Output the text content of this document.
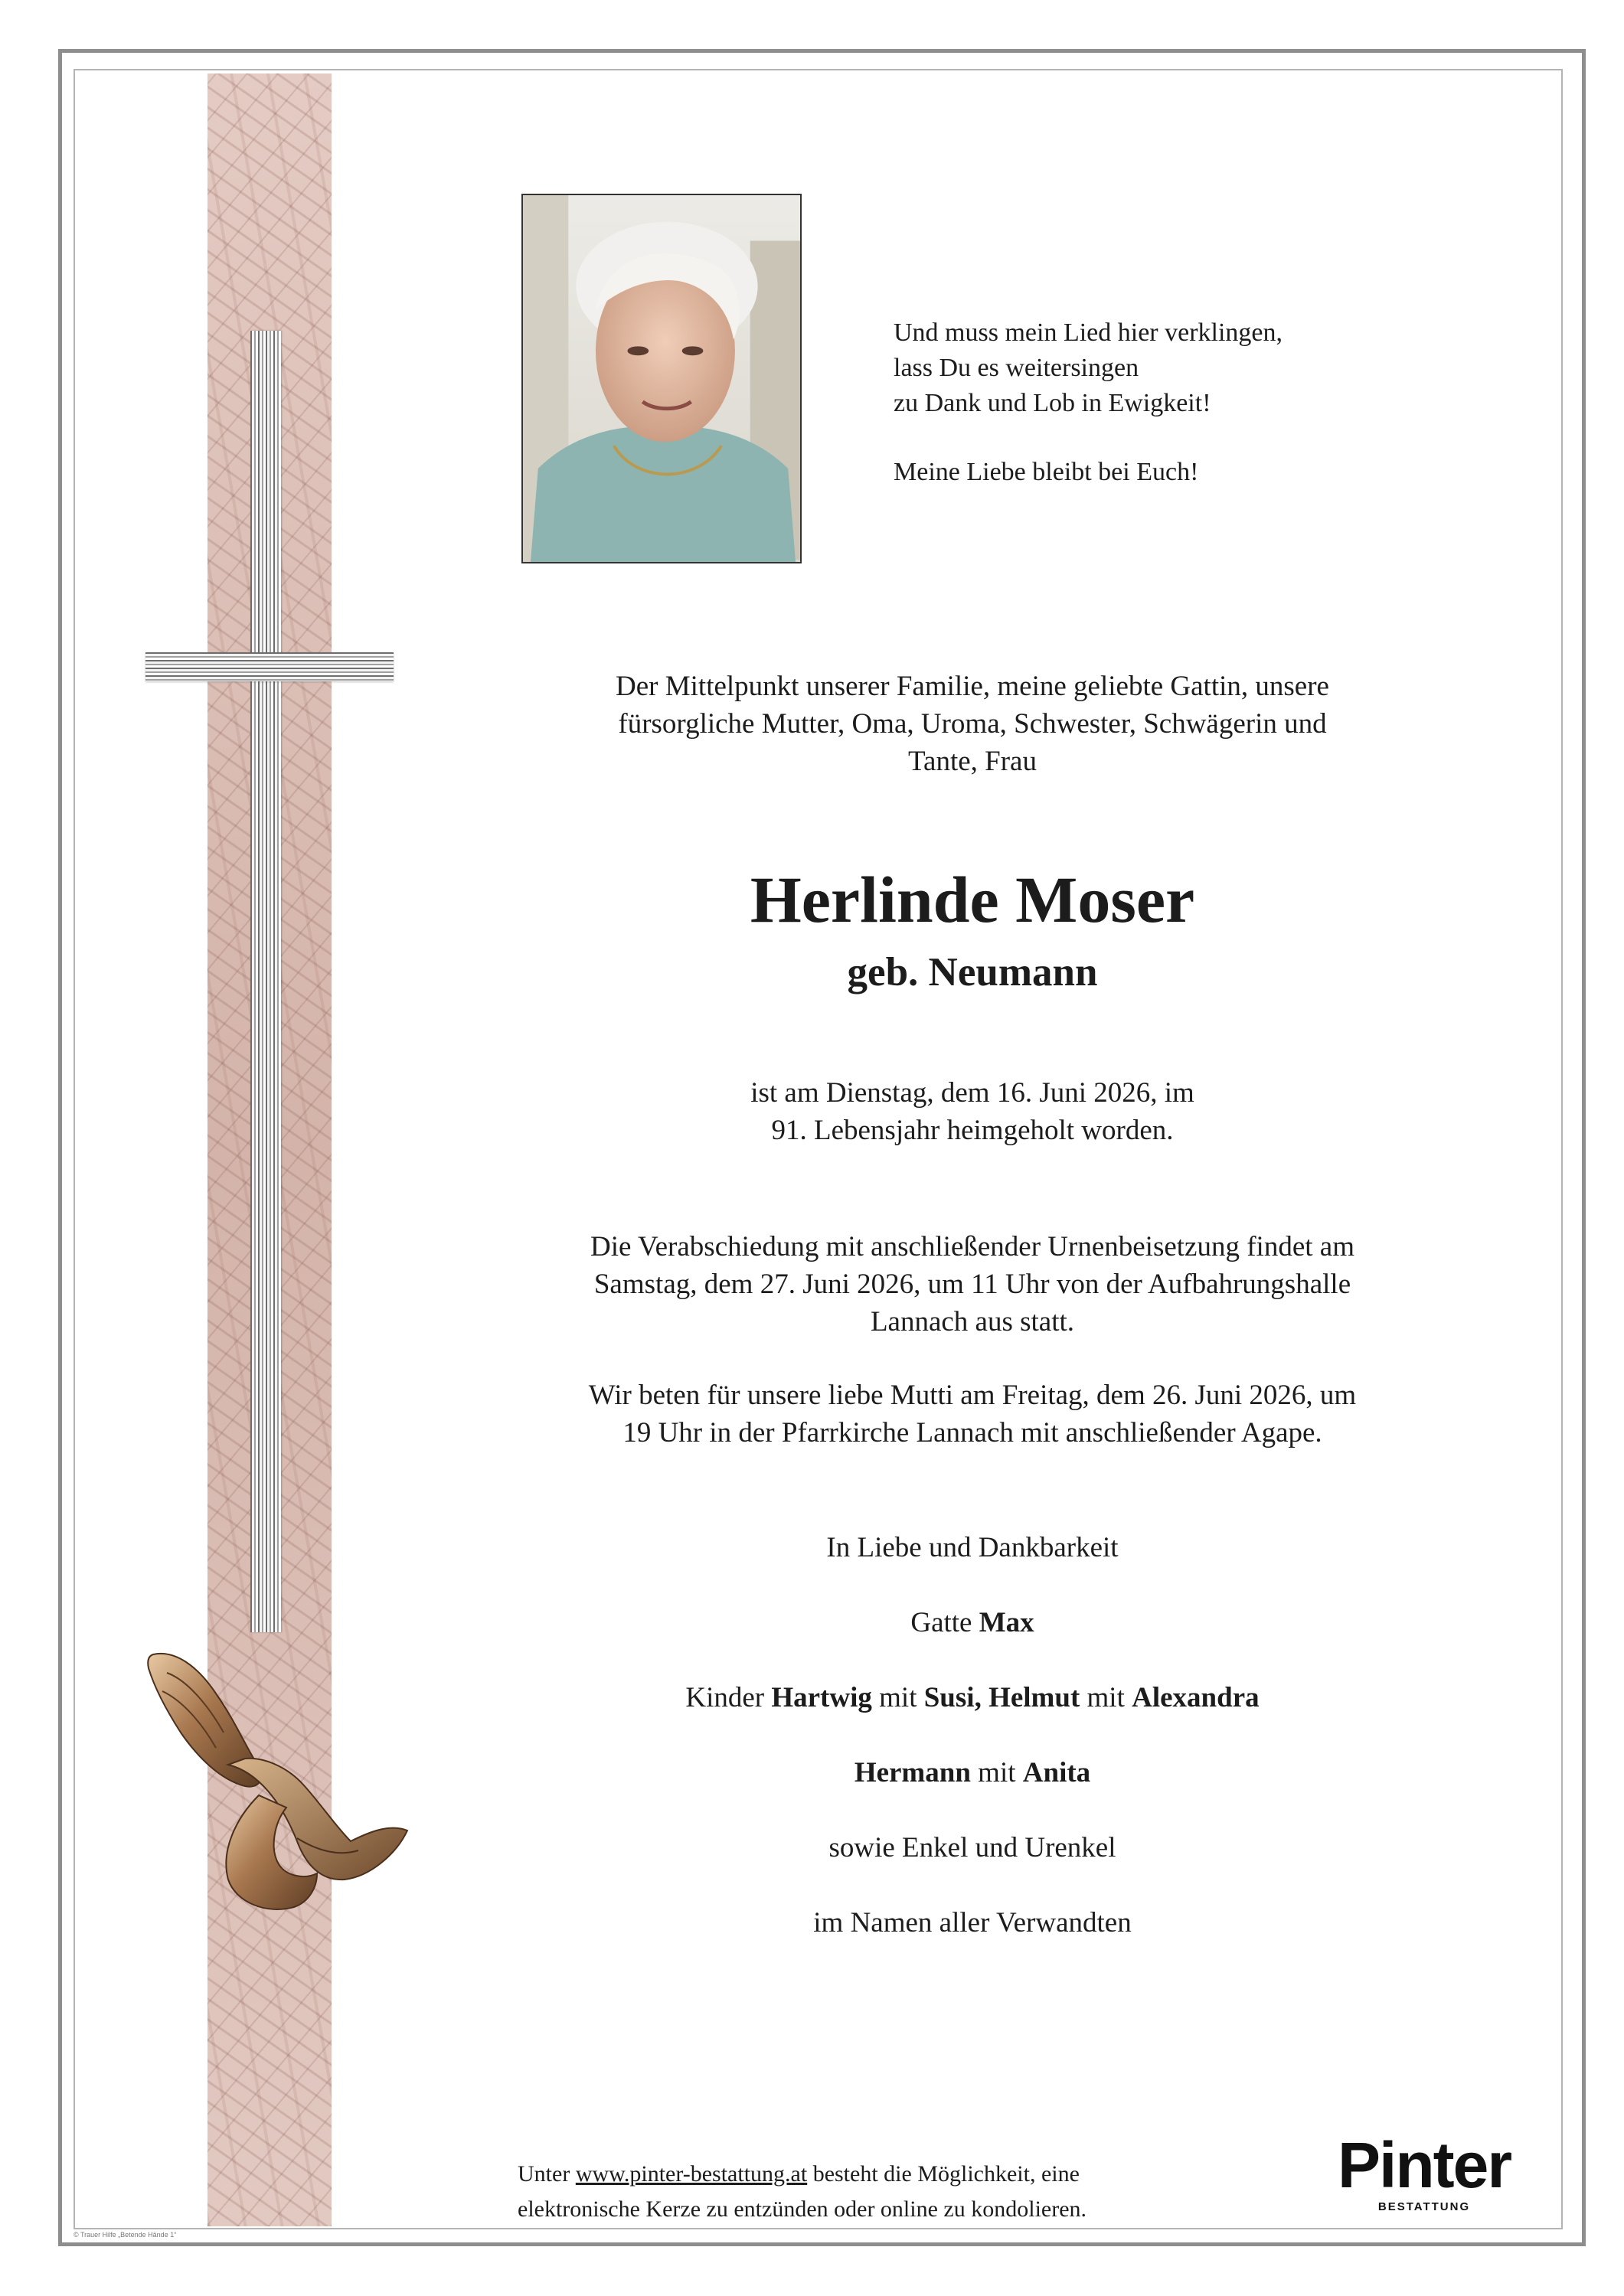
Und muss mein Lied hier verklingen,
lass Du es weitersingen
zu Dank und Lob in Ewigkeit!
Meine Liebe bleibt bei Euch!
Der Mittelpunkt unserer Familie, meine geliebte Gattin, unsere
fürsorgliche Mutter, Oma, Uroma, Schwester, Schwägerin und
Tante, Frau
Herlinde Moser
geb. Neumann
ist am Dienstag, dem 16. Juni 2026, im
91. Lebensjahr heimgeholt worden.
Die Verabschiedung mit anschließender Urnenbeisetzung findet am
Samstag, dem 27. Juni 2026, um 11 Uhr von der Aufbahrungshalle
Lannach aus statt.
Wir beten für unsere liebe Mutti am Freitag, dem 26. Juni 2026, um
19 Uhr in der Pfarrkirche Lannach mit anschließender Agape.
In Liebe und Dankbarkeit
Gatte Max
Kinder Hartwig mit Susi, Helmut mit Alexandra
Hermann mit Anita
sowie Enkel und Urenkel
im Namen aller Verwandten
Unter www.pinter-bestattung.at besteht die Möglichkeit, eine
elektronische Kerze zu entzünden oder online zu kondolieren.
Pinter
BESTATTUNG
© Trauer Hilfe „Betende Hände 1“
